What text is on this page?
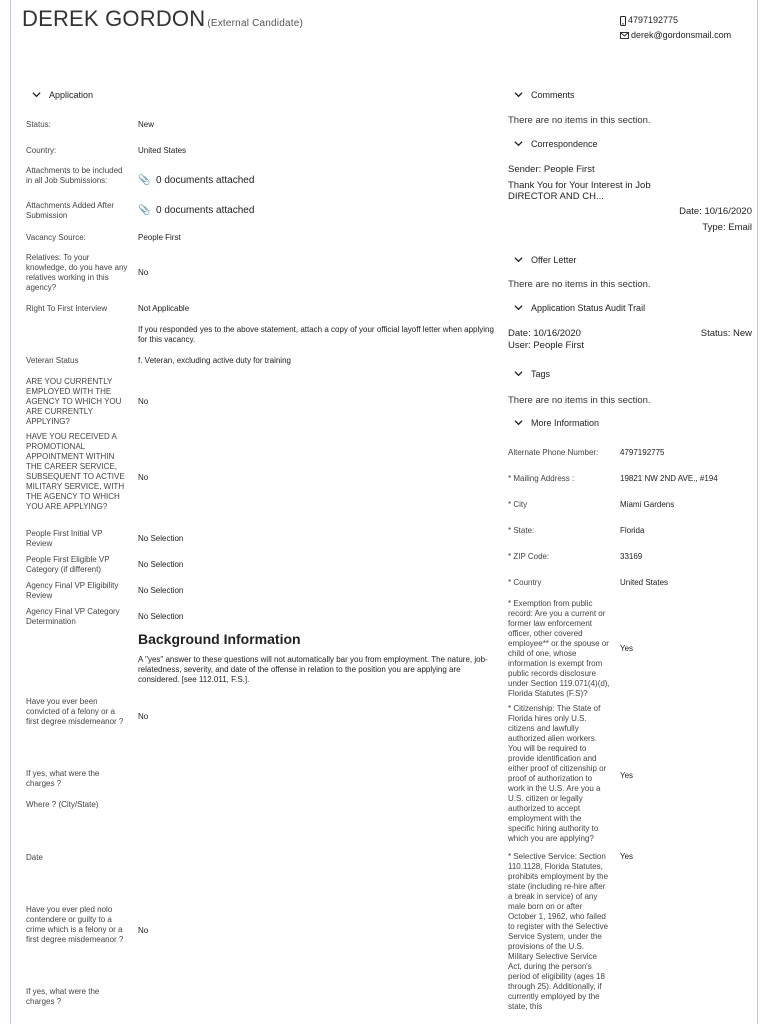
DEREK GORDON (External Candidate)	4797192775
derek@gordonsmail.com
Application
Status:	New
Country:	United States
Attachments to be included in all Job Submissions:	📎 0 documents attached
Attachments Added After Submission	📎 0 documents attached
Vacancy Source:	People First
Relatives: To your knowledge, do you have any relatives working in this agency?
No
Right To First Interview	Not Applicable
If you responded yes to the above statement, attach a copy of your official layoff letter when applying for this vacancy.
Veteran Status	f. Veteran, excluding active duty for training
ARE YOU CURRENTLY EMPLOYED WITH THE AGENCY TO WHICH YOU ARE CURRENTLY APPLYING?
No
HAVE YOU RECEIVED A PROMOTIONAL APPOINTMENT WITHIN THE CAREER SERVICE, SUBSEQUENT TO ACTIVE MILITARY SERVICE, WITH THE AGENCY TO WHICH YOU ARE APPLYING?
No
People First Initial VP Review
No Selection
People First Eligible VP Category (if different)
No Selection
Agency Final VP Eligibility Review
No Selection
Agency Final VP Category Determination
No Selection
Background Information
A "yes" answer to these questions will not automatically bar you from employment. The nature, job-relatedness, severity, and date of the offense in relation to the position you are applying are considered. [see 112.011, F.S.].
Have you ever been convicted of a felony or a first degree misdemeanor ?
No
If yes, what were the charges ?
Where ? (City/State)
Date
Have you ever pled nolo contendere or guilty to a crime which is a felony or a first degree misdemeanor ?
No
If yes, what were the charges ?
Comments
There are no items in this section.
Correspondence
Sender: People First
Thank You for Your Interest in Job
DIRECTOR AND CH...
Date: 10/16/2020
Type: Email
Offer Letter
There are no items in this section.
Application Status Audit Trail
Date: 10/16/2020	Status: New
User: People First
Tags
There are no items in this section.
More Information
Alternate Phone Number:	4797192775
* Mailing Address :	19821 NW 2ND AVE., #194
* City	Miami Gardens
* State:	Florida
* ZIP Code:	33169
* Country	United States
* Exemption from public record: Are you a current or former law enforcement officer, other covered employee** or the spouse or child of one, whose information is exempt from public records disclosure under Section 119.071(4)(d), Florida Statutes (F.S)?
Yes
* Citizenship: The State of Florida hires only U.S. citizens and lawfully authorized alien workers. You will be required to provide identification and either proof of citizenship or proof of authorization to work in the U.S. Are you a U.S. citizen or legally authorized to accept employment with the specific hiring authority to which you are applying?
Yes
* Selective Service: Section 110.1128, Florida Statutes, prohibits employment by the state (including re-hire after a break in service) of any male born on or after October 1, 1962, who failed to register with the Selective Service System, under the provisions of the U.S. Military Selective Service Act, during the person's period of eligibility (ages 18 through 25). Additionally, if currently employed by the state, this
Yes
